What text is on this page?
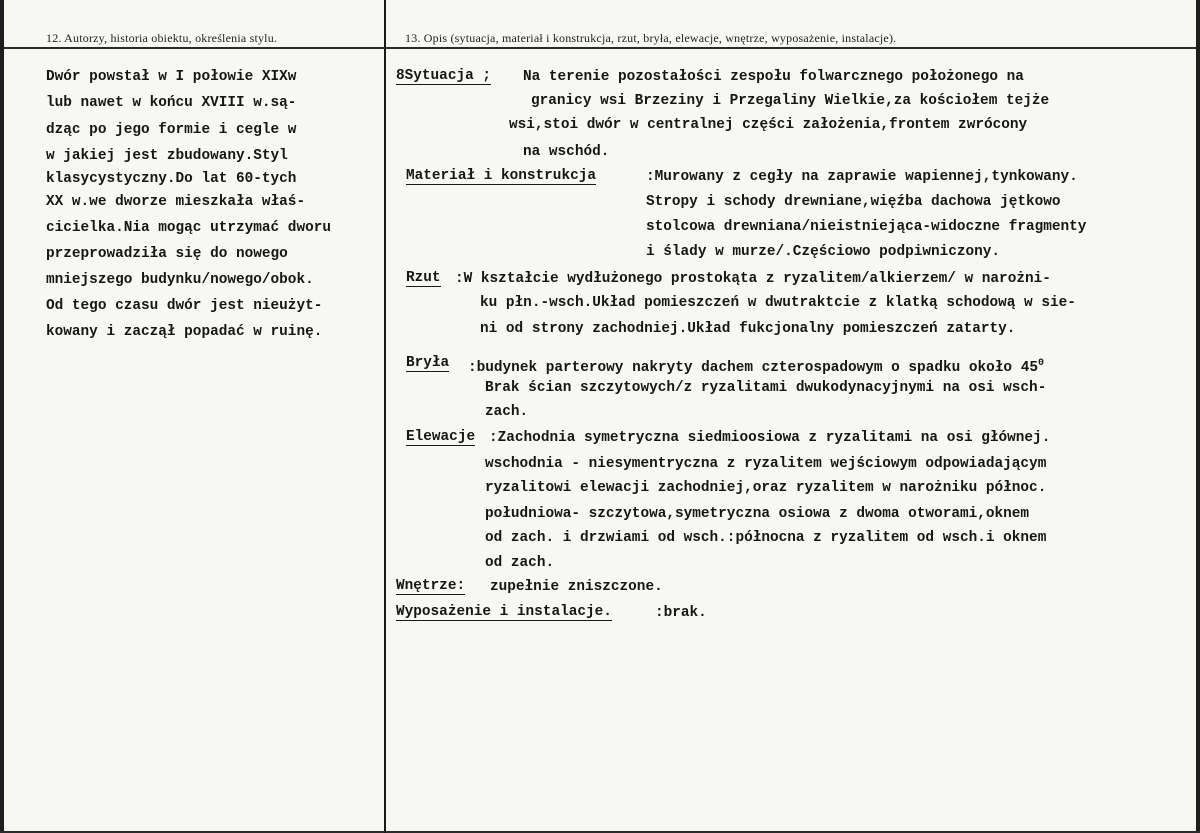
12. Autorzy, historia obiektu, określenia stylu.	13. Opis (sytuacja, materiał i konstrukcja, rzut, bryła, elewacje, wnętrze, wyposażenie, instalacje).
Dwór powstał w I połowie XIXw
lub nawet w końcu XVIII w.są-
dząc po jego formie i cegle w
w jakiej jest zbudowany.Styl
klasycystyczny.Do lat 60-tych
XX w.we dworze mieszkała właś-
cicielka.Nia mogąc utrzymać dworu
przeprowadziła się do nowego
mniejszego budynku/nowego/obok.
Od tego czasu dwór jest nieużyt-
kowany i zaczął popadać w ruinę.
8Sytuacja ; Na terenie pozostałości zespołu folwarcznego położonego na
granicy wsi Brzeziny i Przegaliny Wielkie,za kościołem tejże
wsi,stoi dwór w centralnej części założenia,frontem zwrócony
na wschód.
Materiał i konstrukcja	:Murowany z cegły na zaprawie wapiennej,tynkowany.
Stropy i schody drewniane,więźba dachowa jętkowo
stolcowa drewniana/nieistniejąca-widoczne fragmenty
i ślady w murze/.Częściowo podpiwniczony.
Rzut :W kształcie wydłużonego prostokąta z ryzalitem/alkierzem/ w narożni-
ku płn.-wsch.Układ pomieszczeń w dwutraktcie z klatką schodową w sie-
ni od strony zachodniej.Układ fukcjonalny pomieszczeń zatarty.
Bryła :budynek parterowy nakryty dachem czterospadowym o spadku około $45^0$
Brak ścian szczytowych/z ryzalitami dwukodynacyjnymi na osi wsch-
zach.
Elewacje :Zachodnia symetryczna siedmioosiowa z ryzalitami na osi głównej.
wschodnia - niesymentryczna z ryzalitem wejściowym odpowiadającym
ryzalitowi elewacji zachodniej,oraz ryzalitem w narożniku północ.
południowa- szczytowa,symetryczna osiowa z dwoma otworami,oknem
od zach. i drzwiami od wsch.:północna z ryzalitem od wsch.i oknem
od zach.
Wnętrze: zupełnie zniszczone.
Wyposażenie i instalacje.	:brak.
